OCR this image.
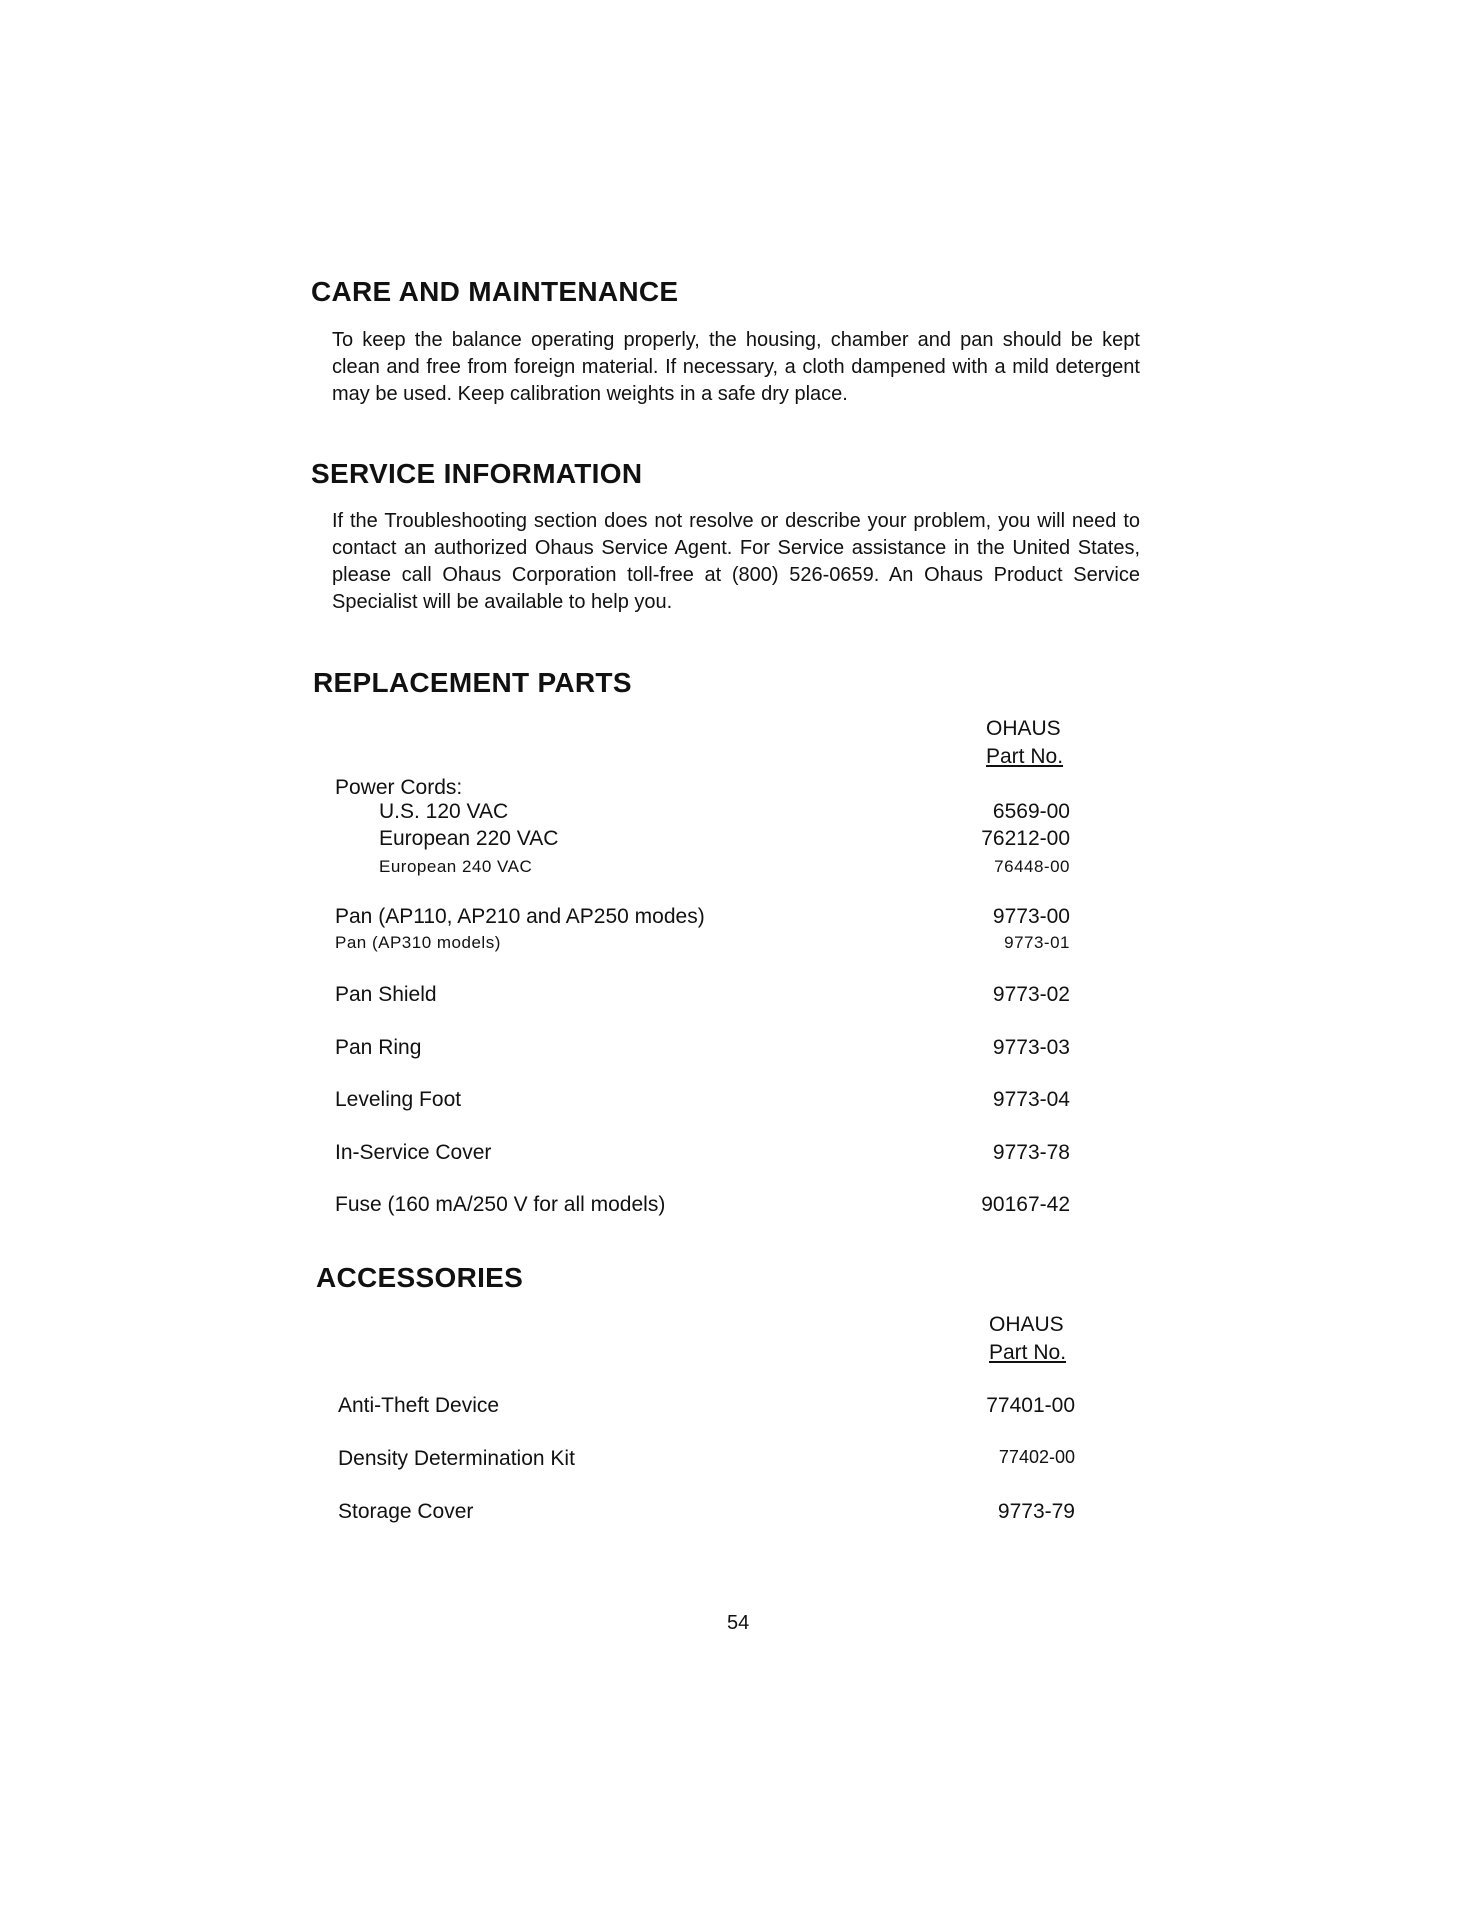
CARE AND MAINTENANCE

To keep the balance operating properly, the housing, chamber and pan should be kept clean and free from foreign material. If necessary, a cloth dampened with a mild detergent may be used. Keep calibration weights in a safe dry place.

SERVICE INFORMATION

If the Troubleshooting section does not resolve or describe your problem, you will need to contact an authorized Ohaus Service Agent. For Service assistance in the United States, please call Ohaus Corporation toll-free at (800) 526-0659. An Ohaus Product Service Specialist will be available to help you.

REPLACEMENT PARTS
OHAUS
Part No.
Power Cords:
U.S. 120 VAC	6569-00
European 220 VAC	76212-00
European 240 VAC	76448-00
Pan (AP110, AP210 and AP250 modes)	9773-00
Pan (AP310 models)	9773-01
Pan Shield	9773-02
Pan Ring	9773-03
Leveling Foot	9773-04
In-Service Cover	9773-78
Fuse (160 mA/250 V for all models)	90167-42
ACCESSORIES
OHAUS
Part No.
Anti-Theft Device	77401-00
Density Determination Kit	77402-00
Storage Cover	9773-79
54
